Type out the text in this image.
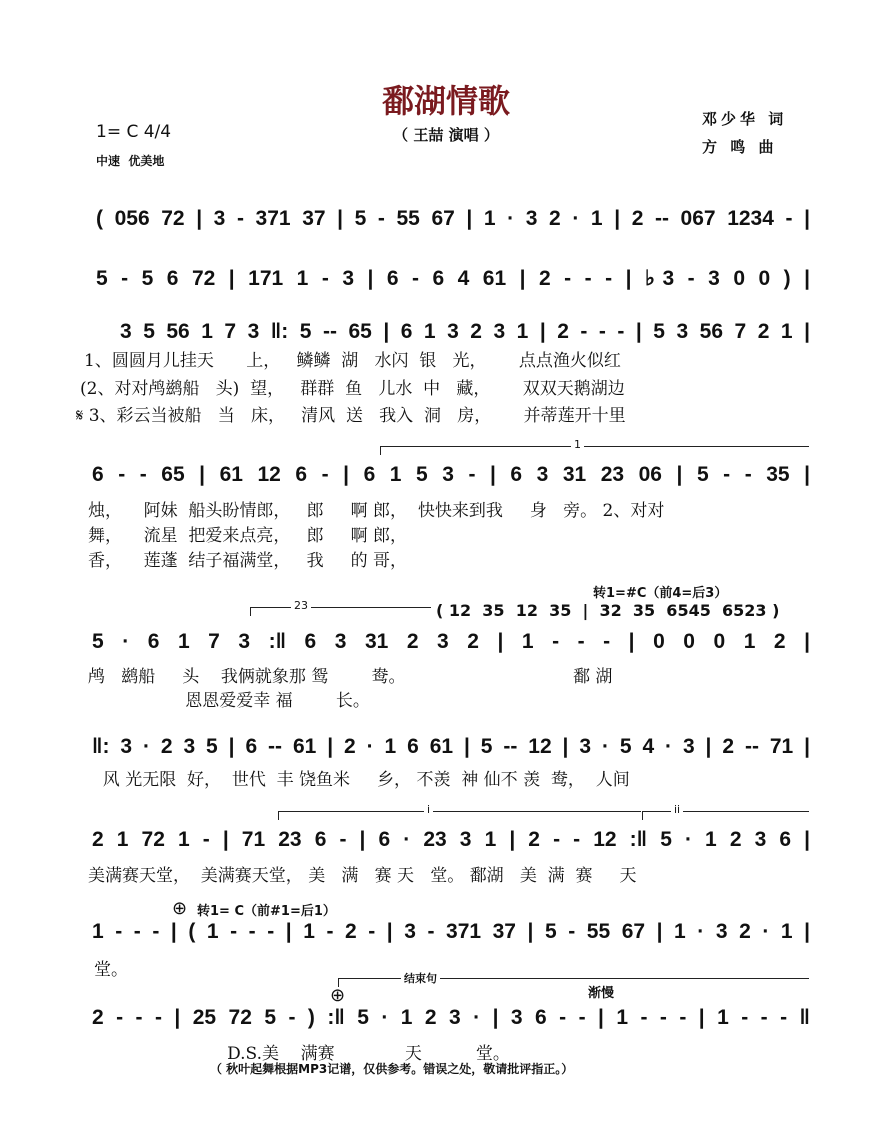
鄱湖情歌
（ 王喆 演唱 ）
1= C 4/4
中速  优美地
邓少华 词
方 鸣 曲
( 056 72 | 3 - 371 37 | 5 - 55 67 | 1 · 3 2 · 1 | 2 -- 067 1234 - |
5 - 5 6 72 | 171 1 - 3 | 6 - 6 4 61 | 2 - - - | ♭3 - 3 0 0 ) |
3 5 56 1 7 3 ‖: 5 -- 65 | 6 1 3 2 3 1 | 2 - - - | 5 3 56 7 2 1 |
1、圆圆月儿挂天      上，   鳞鳞  湖   水闪  银   光，      点点渔火似红
(2、对对鸬鹚船   头)  望，   群群  鱼   儿水  中   藏，      双双天鹅湖边
𝄋 3、彩云当被船   当   床，   清风  送   我入  洞   房，      并蒂莲开十里
1
6 - - 65 | 61 12 6 - | 6 1 5 3 - | 6 3 31 23 06 | 5 - - 35 |
烛，    阿妹  船头盼情郎，   郎     啊 郎，  快快来到我     身   旁。 2、对对
舞，    流星  把爱来点亮，   郎     啊 郎，
香，    莲蓬  结子福满堂，   我     的 哥，
转1=#C（前4=后3）
23	( 12  35  12  35  |  32  35  6545  6523 )
5 · 6 1 7 3 :‖ 6 3 31 2 3 2 | 1 - - - | 0 0 0 1 2 |
鸬   鹚船     头    我俩就象那 鸳        鸯。                               鄱 湖
恩恩爱爱幸 福        长。
‖: 3 · 2 3 5 | 6 -- 61 | 2 · 1 6 61 | 5 -- 12 | 3 · 5 4 · 3 | 2 -- 71 |
风 光无限  好，  世代  丰 饶鱼米     乡， 不羡  神 仙不 羡  鸯，  人间
i	ii
2 1 72 1 - | 71 23 6 - | 6 · 23 3 1 | 2 - - 12 :‖ 5 · 1 2 3 6 |
美满赛天堂，  美满赛天堂， 美   满   赛 天   堂。 鄱湖   美  满  赛     天
⊕ 转1= C（前#1=后1）
1 - - - | ( 1 - - - | 1 - 2 - | 3 - 371 37 | 5 - 55 67 | 1 · 3 2 · 1 |
堂。	结束句
渐慢
⊕
2 - - - | 25 72 5 - ) :‖ 5 · 1 2 3 · | 3 6 - - | 1 - - - | 1 - - - ‖
D.S.美    满赛             天          堂。
（ 秋叶起舞根据MP3记谱，仅供参考。错误之处，敬请批评指正。）
